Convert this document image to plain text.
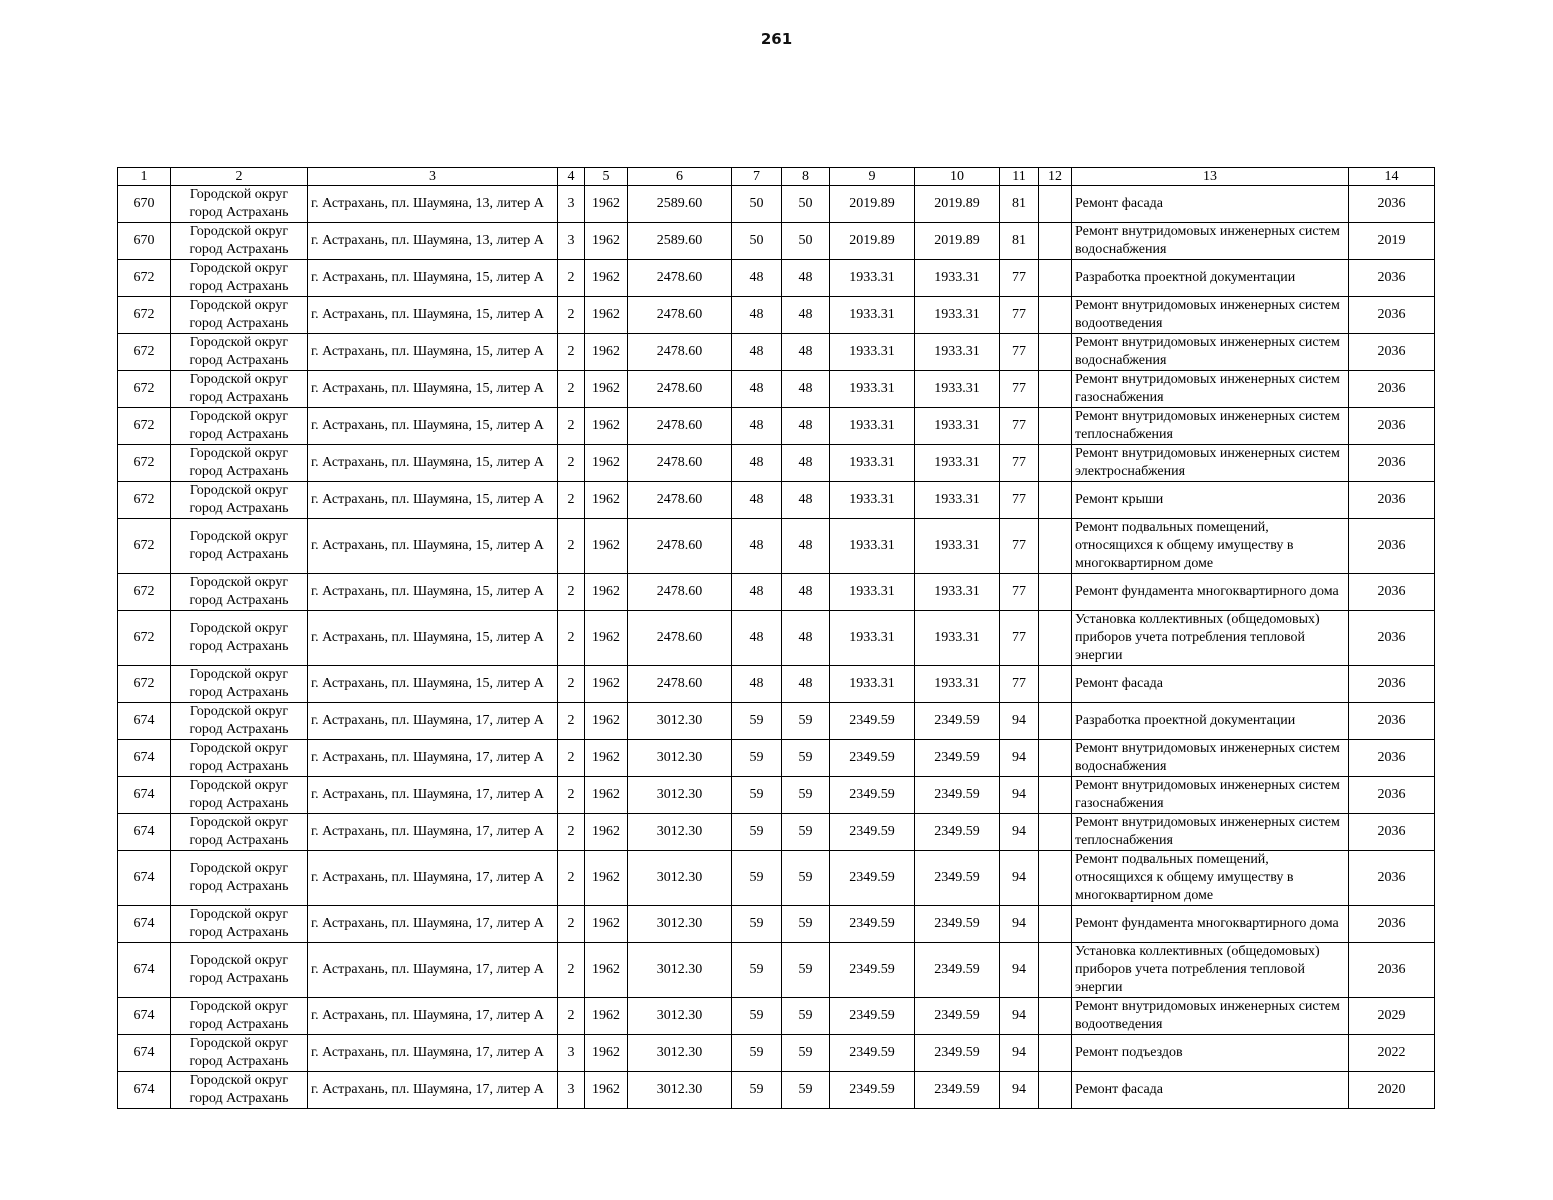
261
1	2	3	4	5	6	7	8	9	10	11	12	13	14
670	Городской округ город Астрахань	г. Астрахань, пл. Шаумяна, 13, литер А	3	1962	2589.60	50	50	2019.89	2019.89	81		Ремонт фасада	2036
670	Городской округ город Астрахань	г. Астрахань, пл. Шаумяна, 13, литер А	3	1962	2589.60	50	50	2019.89	2019.89	81		Ремонт внутридомовых инженерных систем водоснабжения	2019
672	Городской округ город Астрахань	г. Астрахань, пл. Шаумяна, 15, литер А	2	1962	2478.60	48	48	1933.31	1933.31	77		Разработка проектной документации	2036
672	Городской округ город Астрахань	г. Астрахань, пл. Шаумяна, 15, литер А	2	1962	2478.60	48	48	1933.31	1933.31	77		Ремонт внутридомовых инженерных систем водоотведения	2036
672	Городской округ город Астрахань	г. Астрахань, пл. Шаумяна, 15, литер А	2	1962	2478.60	48	48	1933.31	1933.31	77		Ремонт внутридомовых инженерных систем водоснабжения	2036
672	Городской округ город Астрахань	г. Астрахань, пл. Шаумяна, 15, литер А	2	1962	2478.60	48	48	1933.31	1933.31	77		Ремонт внутридомовых инженерных систем газоснабжения	2036
672	Городской округ город Астрахань	г. Астрахань, пл. Шаумяна, 15, литер А	2	1962	2478.60	48	48	1933.31	1933.31	77		Ремонт внутридомовых инженерных систем теплоснабжения	2036
672	Городской округ город Астрахань	г. Астрахань, пл. Шаумяна, 15, литер А	2	1962	2478.60	48	48	1933.31	1933.31	77		Ремонт внутридомовых инженерных систем электроснабжения	2036
672	Городской округ город Астрахань	г. Астрахань, пл. Шаумяна, 15, литер А	2	1962	2478.60	48	48	1933.31	1933.31	77		Ремонт крыши	2036
672	Городской округ город Астрахань	г. Астрахань, пл. Шаумяна, 15, литер А	2	1962	2478.60	48	48	1933.31	1933.31	77		Ремонт подвальных помещений, относящихся к общему имуществу в многоквартирном доме	2036
672	Городской округ город Астрахань	г. Астрахань, пл. Шаумяна, 15, литер А	2	1962	2478.60	48	48	1933.31	1933.31	77		Ремонт фундамента многоквартирного дома	2036
672	Городской округ город Астрахань	г. Астрахань, пл. Шаумяна, 15, литер А	2	1962	2478.60	48	48	1933.31	1933.31	77		Установка коллективных (общедомовых) приборов учета потребления тепловой энергии	2036
672	Городской округ город Астрахань	г. Астрахань, пл. Шаумяна, 15, литер А	2	1962	2478.60	48	48	1933.31	1933.31	77		Ремонт фасада	2036
674	Городской округ город Астрахань	г. Астрахань, пл. Шаумяна, 17, литер А	2	1962	3012.30	59	59	2349.59	2349.59	94		Разработка проектной документации	2036
674	Городской округ город Астрахань	г. Астрахань, пл. Шаумяна, 17, литер А	2	1962	3012.30	59	59	2349.59	2349.59	94		Ремонт внутридомовых инженерных систем водоснабжения	2036
674	Городской округ город Астрахань	г. Астрахань, пл. Шаумяна, 17, литер А	2	1962	3012.30	59	59	2349.59	2349.59	94		Ремонт внутридомовых инженерных систем газоснабжения	2036
674	Городской округ город Астрахань	г. Астрахань, пл. Шаумяна, 17, литер А	2	1962	3012.30	59	59	2349.59	2349.59	94		Ремонт внутридомовых инженерных систем теплоснабжения	2036
674	Городской округ город Астрахань	г. Астрахань, пл. Шаумяна, 17, литер А	2	1962	3012.30	59	59	2349.59	2349.59	94		Ремонт подвальных помещений, относящихся к общему имуществу в многоквартирном доме	2036
674	Городской округ город Астрахань	г. Астрахань, пл. Шаумяна, 17, литер А	2	1962	3012.30	59	59	2349.59	2349.59	94		Ремонт фундамента многоквартирного дома	2036
674	Городской округ город Астрахань	г. Астрахань, пл. Шаумяна, 17, литер А	2	1962	3012.30	59	59	2349.59	2349.59	94		Установка коллективных (общедомовых) приборов учета потребления тепловой энергии	2036
674	Городской округ город Астрахань	г. Астрахань, пл. Шаумяна, 17, литер А	2	1962	3012.30	59	59	2349.59	2349.59	94		Ремонт внутридомовых инженерных систем водоотведения	2029
674	Городской округ город Астрахань	г. Астрахань, пл. Шаумяна, 17, литер А	3	1962	3012.30	59	59	2349.59	2349.59	94		Ремонт подъездов	2022
674	Городской округ город Астрахань	г. Астрахань, пл. Шаумяна, 17, литер А	3	1962	3012.30	59	59	2349.59	2349.59	94		Ремонт фасада	2020
